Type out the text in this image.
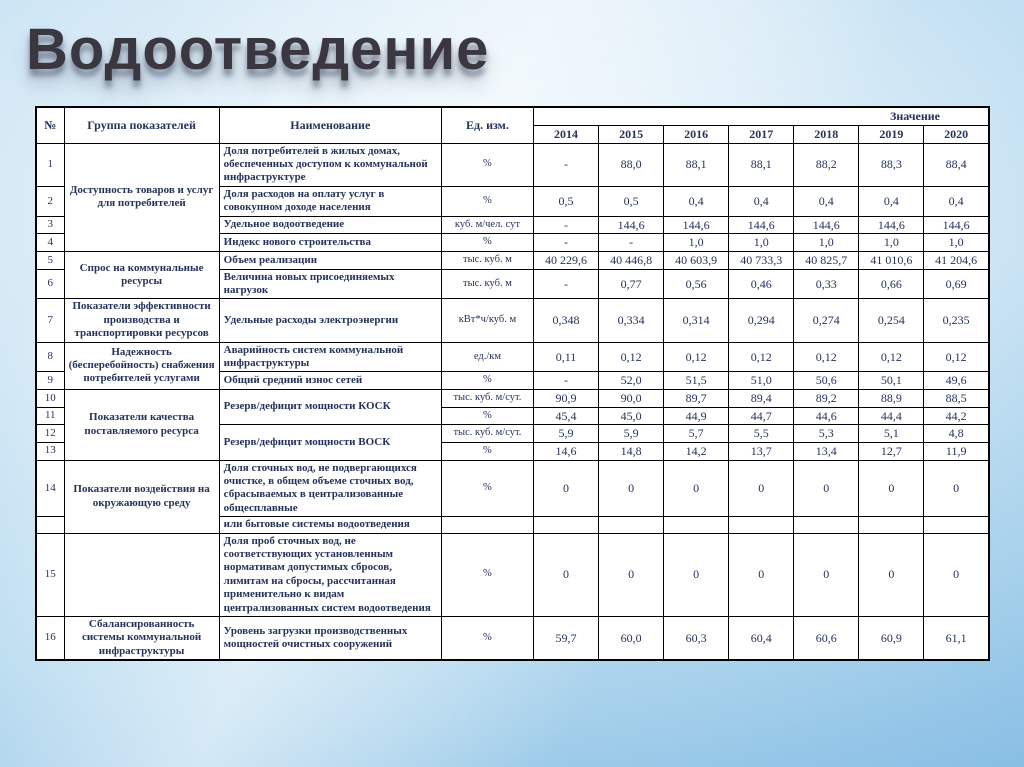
Водоотведение
№	Группа показателей	Наименование	Ед. изм.	Значение						
				2014	2015	2016	2017	2018	2019	2020
1	Доступность товаров и услуг для потребителей	Доля потребителей в жилых домах, обеспеченных доступом к коммунальной инфраструктуре	%	-	88,0	88,1	88,1	88,2	88,3	88,4
2		Доля расходов на оплату услуг в совокупном доходе населения	%	0,5	0,5	0,4	0,4	0,4	0,4	0,4
3		Удельное водоотведение	куб. м/чел. сут	-	144,6	144,6	144,6	144,6	144,6	144,6
4		Индекс нового строительства	%	-	-	1,0	1,0	1,0	1,0	1,0
5	Спрос на коммунальные ресурсы	Объем реализации	тыс. куб. м	40 229,6	40 446,8	40 603,9	40 733,3	40 825,7	41 010,6	41 204,6
6		Величина новых присоединяемых нагрузок	тыс. куб. м	-	0,77	0,56	0,46	0,33	0,66	0,69
7	Показатели эффективности производства и транспортировки ресурсов	Удельные расходы электроэнергии	кВт*ч/куб. м	0,348	0,334	0,314	0,294	0,274	0,254	0,235
8	Надежность (бесперебойность) снабжения потребителей услугами	Аварийность систем коммунальной инфраструктуры	ед./км	0,11	0,12	0,12	0,12	0,12	0,12	0,12
9		Общий средний износ сетей	%	-	52,0	51,5	51,0	50,6	50,1	49,6
10	Показатели качества поставляемого ресурса	Резерв/дефицит мощности КОСК	тыс. куб. м/сут.	90,9	90,0	89,7	89,4	89,2	88,9	88,5
11			%	45,4	45,0	44,9	44,7	44,6	44,4	44,2
12		Резерв/дефицит мощности ВОСК	тыс. куб. м/сут.	5,9	5,9	5,7	5,5	5,3	5,1	4,8
13			%	14,6	14,8	14,2	13,7	13,4	12,7	11,9
14	Показатели воздействия на окружающую среду	Доля сточных вод, не подвергающихся очистке, в общем объеме сточных вод, сбрасываемых в централизованные общесплавные	%	0	0	0	0	0	0	0
		или бытовые системы водоотведения								
15		Доля проб сточных вод, не соответствующих установленным нормативам допустимых сбросов, лимитам на сбросы, рассчитанная применительно к видам централизованных систем водоотведения	%	0	0	0	0	0	0	0
16	Сбалансированность системы коммунальной инфраструктуры	Уровень загрузки производственных мощностей очистных сооружений	%	59,7	60,0	60,3	60,4	60,6	60,9	61,1
